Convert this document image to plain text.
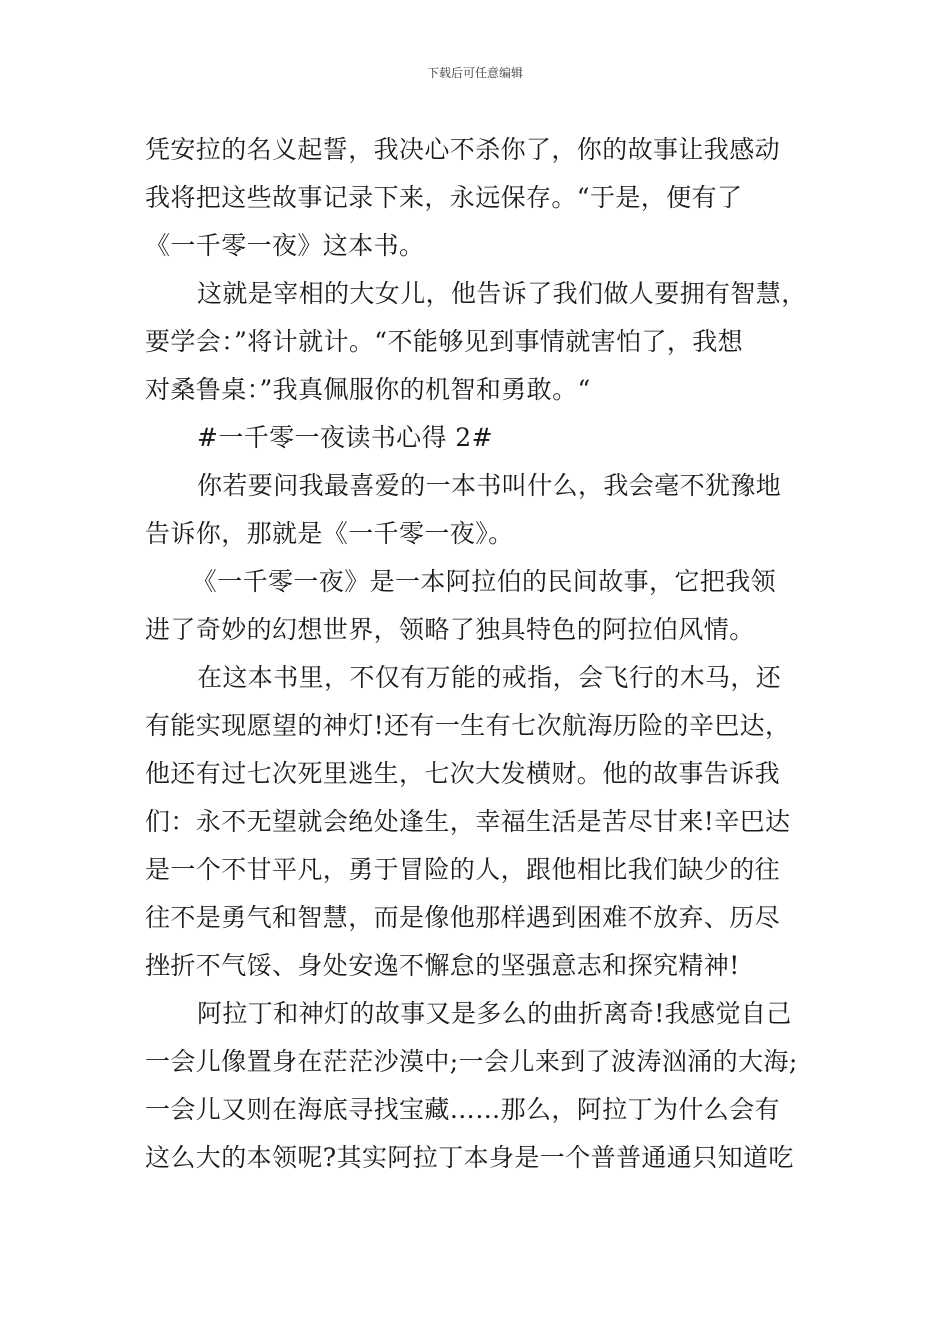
下载后可任意编辑
凭安拉的名义起誓，我决心不杀你了，你的故事让我感动
我将把这些故事记录下来，永远保存。“于是，便有了
《一千零一夜》这本书。
这就是宰相的大女儿，他告诉了我们做人要拥有智慧，
要学会：”将计就计。“不能够见到事情就害怕了，我想
对桑鲁桌：”我真佩服你的机智和勇敢。“
#一千零一夜读书心得 2#
你若要问我最喜爱的一本书叫什么，我会毫不犹豫地
告诉你，那就是《一千零一夜》。
《一千零一夜》是一本阿拉伯的民间故事，它把我领
进了奇妙的幻想世界，领略了独具特色的阿拉伯风情。
在这本书里，不仅有万能的戒指，会飞行的木马，还
有能实现愿望的神灯!还有一生有七次航海历险的辛巴达，
他还有过七次死里逃生，七次大发横财。他的故事告诉我
们：永不无望就会绝处逢生，幸福生活是苦尽甘来!辛巴达
是一个不甘平凡，勇于冒险的人，跟他相比我们缺少的往
往不是勇气和智慧，而是像他那样遇到困难不放弃、历尽
挫折不气馁、身处安逸不懈怠的坚强意志和探究精神!
阿拉丁和神灯的故事又是多么的曲折离奇!我感觉自己
一会儿像置身在茫茫沙漠中;一会儿来到了波涛汹涌的大海;
一会儿又则在海底寻找宝藏……那么，阿拉丁为什么会有
这么大的本领呢?其实阿拉丁本身是一个普普通通只知道吃
